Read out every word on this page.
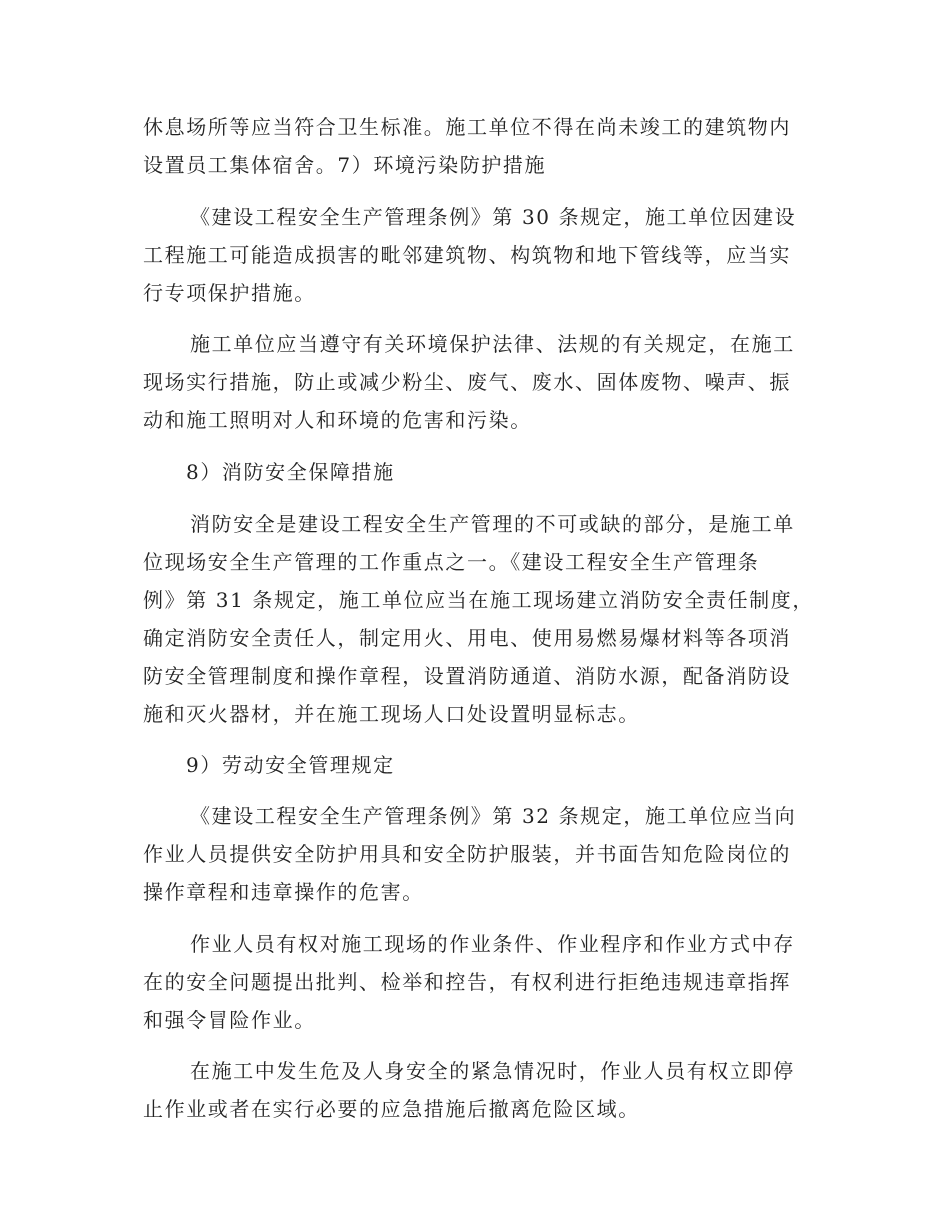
休息场所等应当符合卫生标准。施工单位不得在尚未竣工的建筑物内
设置员工集体宿舍。7）环境污染防护措施
《建设工程安全生产管理条例》第 30 条规定，施工单位因建设
工程施工可能造成损害的毗邻建筑物、构筑物和地下管线等，应当实
行专项保护措施。
施工单位应当遵守有关环境保护法律、法规的有关规定，在施工
现场实行措施，防止或减少粉尘、废气、废水、固体废物、噪声、振
动和施工照明对人和环境的危害和污染。
8）消防安全保障措施
消防安全是建设工程安全生产管理的不可或缺的部分，是施工单
位现场安全生产管理的工作重点之一。《建设工程安全生产管理条
例》第 31 条规定，施工单位应当在施工现场建立消防安全责任制度，
确定消防安全责任人，制定用火、用电、使用易燃易爆材料等各项消
防安全管理制度和操作章程，设置消防通道、消防水源，配备消防设
施和灭火器材，并在施工现场人口处设置明显标志。
9）劳动安全管理规定
《建设工程安全生产管理条例》第 32 条规定，施工单位应当向
作业人员提供安全防护用具和安全防护服装，并书面告知危险岗位的
操作章程和违章操作的危害。
作业人员有权对施工现场的作业条件、作业程序和作业方式中存
在的安全问题提出批判、检举和控告，有权利进行拒绝违规违章指挥
和强令冒险作业。
在施工中发生危及人身安全的紧急情况时，作业人员有权立即停
止作业或者在实行必要的应急措施后撤离危险区域。
